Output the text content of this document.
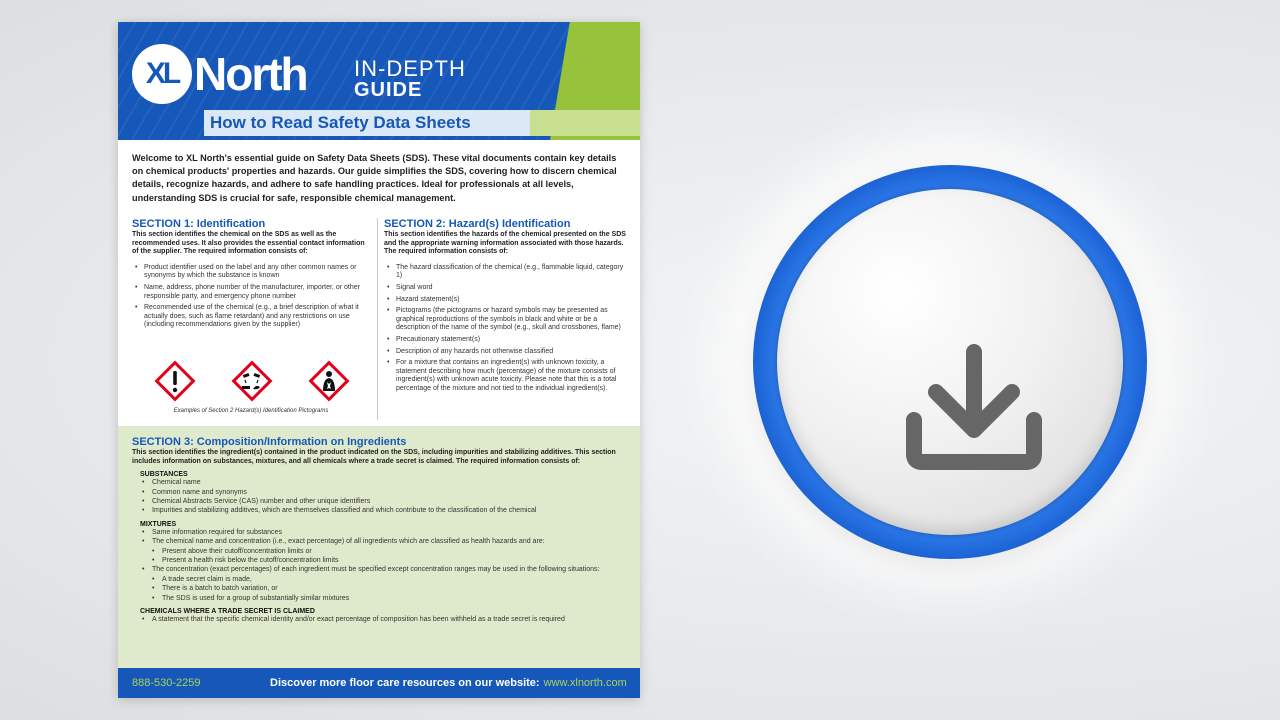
XL North IN-DEPTH
GUIDE
How to Read Safety Data Sheets

Welcome to XL North's essential guide on Safety Data Sheets (SDS). These vital documents contain key details on chemical products' properties and hazards. Our guide simplifies the SDS, covering how to discern chemical details, recognize hazards, and adhere to safe handling practices. Ideal for professionals at all levels, understanding SDS is crucial for safe, responsible chemical management.

SECTION 1: Identification
This section identifies the chemical on the SDS as well as the recommended uses. It also provides the essential contact information of the supplier. The required information consists of:
• Product identifier used on the label and any other common names or synonyms by which the substance is known
• Name, address, phone number of the manufacturer, importer, or other responsible party, and emergency phone number
• Recommended use of the chemical (e.g., a brief description of what it actually does, such as flame retardant) and any restrictions on use (including recommendations given by the supplier)
Examples of Section 2 Hazard(s) Identification Pictograms
SECTION 2: Hazard(s) Identification
This section identifies the hazards of the chemical presented on the SDS and the appropriate warning information associated with those hazards. The required information consists of:
• The hazard classification of the chemical (e.g., flammable liquid, category 1)
• Signal word
• Hazard statement(s)
• Pictograms (the pictograms or hazard symbols may be presented as graphical reproductions of the symbols in black and white or be a description of the name of the symbol (e.g., skull and crossbones, flame)
• Precautionary statement(s)
• Description of any hazards not otherwise classified
• For a mixture that contains an ingredient(s) with unknown toxicity, a statement describing how much (percentage) of the mixture consists of ingredient(s) with unknown acute toxicity. Please note that this is a total percentage of the mixture and not tied to the individual ingredient(s).
SECTION 3: Composition/Information on Ingredients
This section identifies the ingredient(s) contained in the product indicated on the SDS, including impurities and stabilizing additives. This section includes information on substances, mixtures, and all chemicals where a trade secret is claimed. The required information consists of:
SUBSTANCES
• Chemical name
• Common name and synonyms
• Chemical Abstracts Service (CAS) number and other unique identifiers
• Impurities and stabilizing additives, which are themselves classified and which contribute to the classification of the chemical
MIXTURES
• Same information required for substances
• The chemical name and concentration (i.e., exact percentage) of all ingredients which are classified as health hazards and are:
• Present above their cutoff/concentration limits or
• Present a health risk below the cutoff/concentration limits
• The concentration (exact percentages) of each ingredient must be specified except concentration ranges may be used in the following situations:
• A trade secret claim is made,
• There is a batch to batch variation, or
• The SDS is used for a group of substantially similar mixtures
CHEMICALS WHERE A TRADE SECRET IS CLAIMED
• A statement that the specific chemical identity and/or exact percentage of composition has been withheld as a trade secret is required
888-530-2259	Discover more floor care resources on our website: www.xlnorth.com
